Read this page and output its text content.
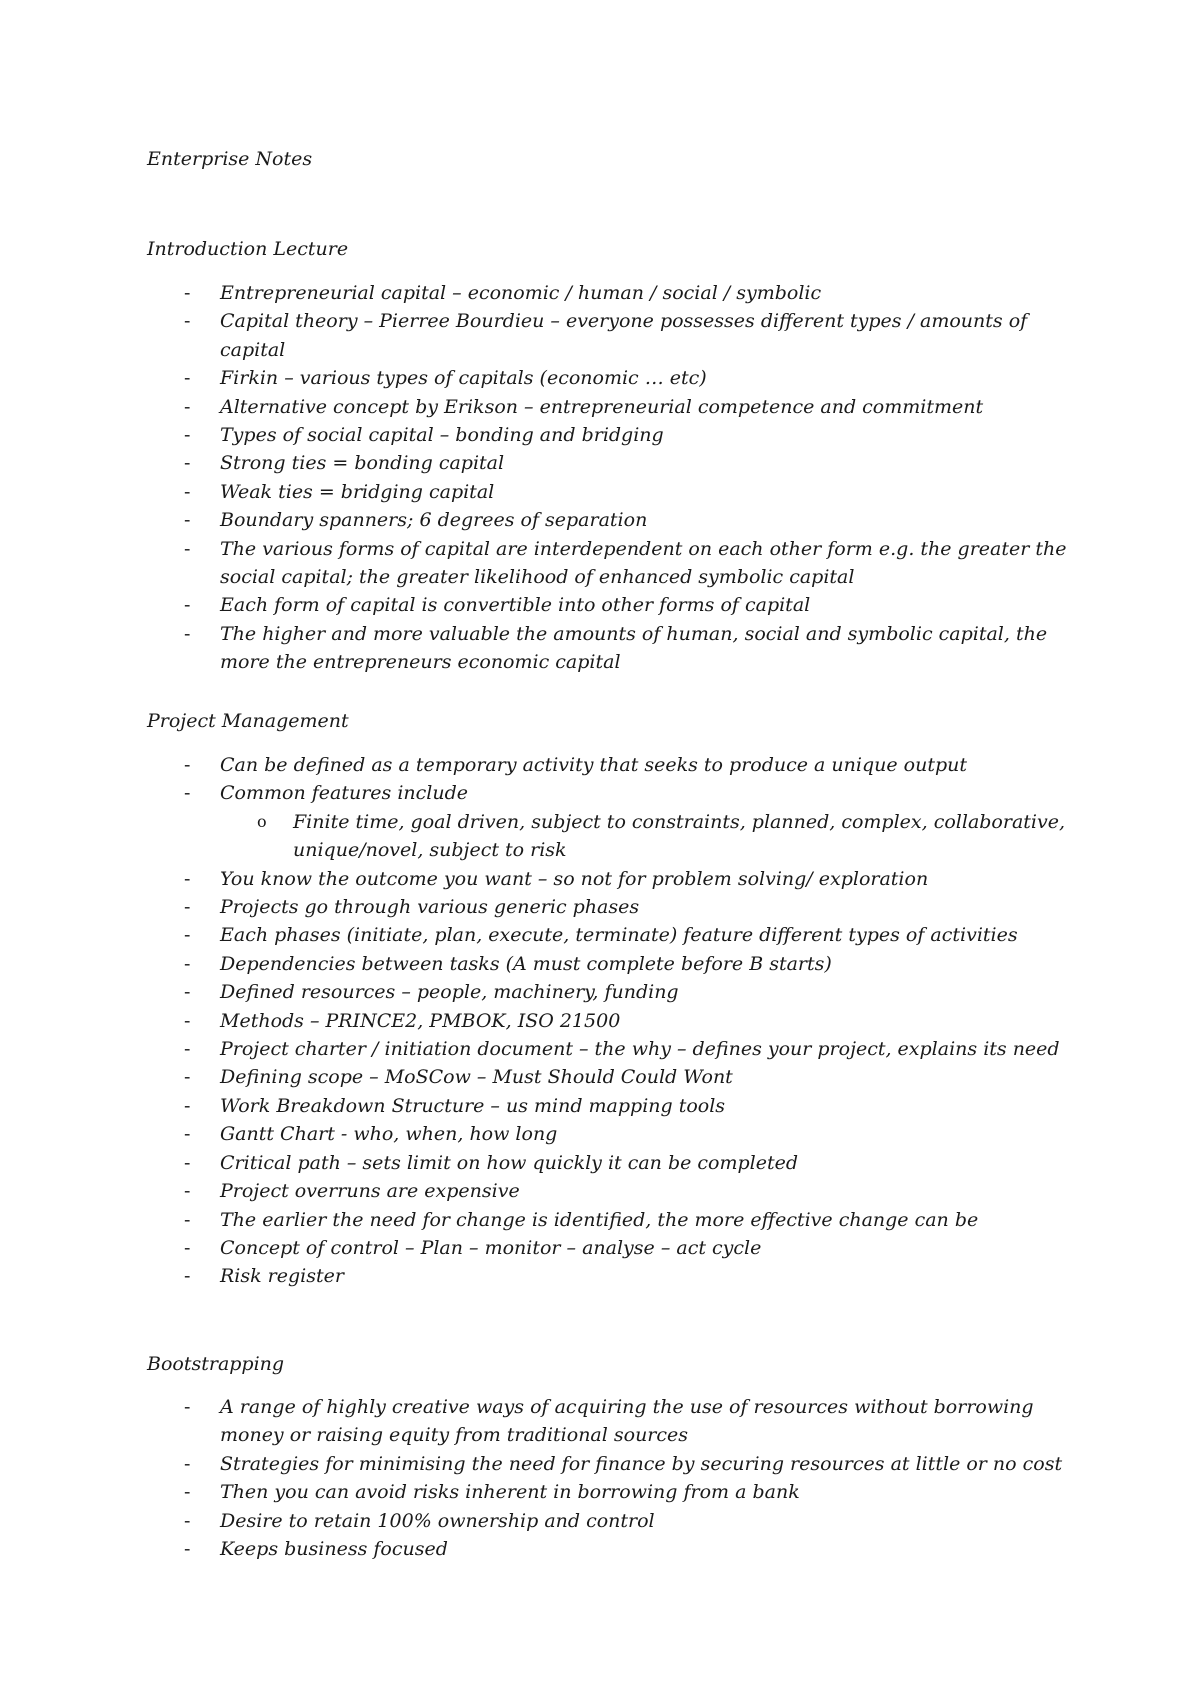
Enterprise Notes

Introduction Lecture

- Entrepreneurial capital – economic / human / social / symbolic
- Capital theory – Pierree Bourdieu – everyone possesses different types / amounts of capital
- Firkin – various types of capitals (economic … etc)
- Alternative concept by Erikson – entrepreneurial competence and commitment
- Types of social capital – bonding and bridging
- Strong ties = bonding capital
- Weak ties = bridging capital
- Boundary spanners; 6 degrees of separation
- The various forms of capital are interdependent on each other form e.g. the greater the social capital; the greater likelihood of enhanced symbolic capital
- Each form of capital is convertible into other forms of capital
- The higher and more valuable the amounts of human, social and symbolic capital, the more the entrepreneurs economic capital

Project Management

- Can be defined as a temporary activity that seeks to produce a unique output
- Common features include
o Finite time, goal driven, subject to constraints, planned, complex, collaborative, unique/novel, subject to risk
- You know the outcome you want – so not for problem solving/ exploration
- Projects go through various generic phases
- Each phases (initiate, plan, execute, terminate) feature different types of activities
- Dependencies between tasks (A must complete before B starts)
- Defined resources – people, machinery, funding
- Methods – PRINCE2, PMBOK, ISO 21500
- Project charter / initiation document – the why – defines your project, explains its need
- Defining scope – MoSCow – Must Should Could Wont
- Work Breakdown Structure – us mind mapping tools
- Gantt Chart - who, when, how long
- Critical path – sets limit on how quickly it can be completed
- Project overruns are expensive
- The earlier the need for change is identified, the more effective change can be
- Concept of control – Plan – monitor – analyse – act cycle
- Risk register

Bootstrapping

- A range of highly creative ways of acquiring the use of resources without borrowing money or raising equity from traditional sources
- Strategies for minimising the need for finance by securing resources at little or no cost
- Then you can avoid risks inherent in borrowing from a bank
- Desire to retain 100% ownership and control
- Keeps business focused
